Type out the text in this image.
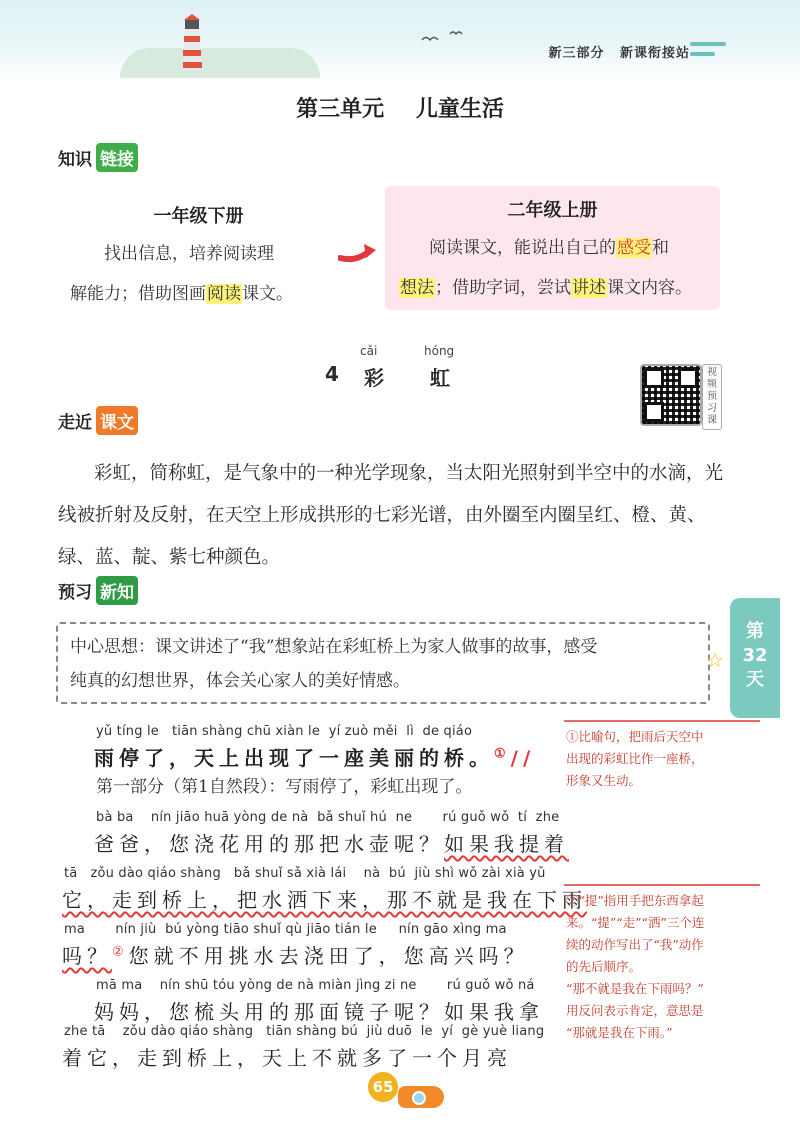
新三部分 新课衔接站
第三单元 儿童生活
知识 链接
一年级下册
找出信息，培养阅读理
解能力；借助图画阅读课文。
二年级上册
阅读课文，能说出自己的感受和
想法；借助字词，尝试讲述课文内容。
cǎi	hóng
4 彩 虹	视频预习课
走近 课文
彩虹，简称虹，是气象中的一种光学现象，当太阳光照射到半空中的水滴，光线被折射及反射，在天空上形成拱形的七彩光谱，由外圈至内圈呈红、橙、黄、绿、蓝、靛、紫七种颜色。
预习 新知
中心思想：课文讲述了“我”想象站在彩虹桥上为家人做事的故事，感受
纯真的幻想世界，体会关心家人的美好情感。
☆
第
32
天
yǔ tíng le   tiān shàng chū xiàn le  yí zuò měi  lì  de qiáo
雨停了，天上出现了一座美丽的桥。①//
第一部分（第1自然段）：写雨停了，彩虹出现了。
bà ba    nín jiāo huā yòng de nà  bǎ shuǐ hú  ne       rú guǒ wǒ  tí  zhe
爸爸，您浇花用的那把水壶呢？如果我提着
tā   zǒu dào qiáo shàng   bǎ shuǐ sǎ xià lái    nà  bú  jiù shì wǒ zài xià yǔ
它，走到桥上，把水洒下来，那不就是我在下雨
ma       nín jiù  bú yòng tiāo shuǐ qù jiāo tián le     nín gāo xìng ma
吗？②您就不用挑水去浇田了，您高兴吗？
mā ma    nín shū tóu yòng de nà miàn jìng zi ne       rú guǒ wǒ ná
妈妈，您梳头用的那面镜子呢？如果我拿
zhe tā    zǒu dào qiáo shàng   tiān shàng bú  jiù duō  le  yí  gè yuè liang
着它，走到桥上，天上不就多了一个月亮
①比喻句，把雨后天空中
出现的彩虹比作一座桥，
形象又生动。
②“提”指用手把东西拿起
来。“提”“走”“洒”三个连
续的动作写出了“我”动作
的先后顺序。
“那不就是我在下雨吗？”
用反问表示肯定，意思是
“那就是我在下雨。”
65
